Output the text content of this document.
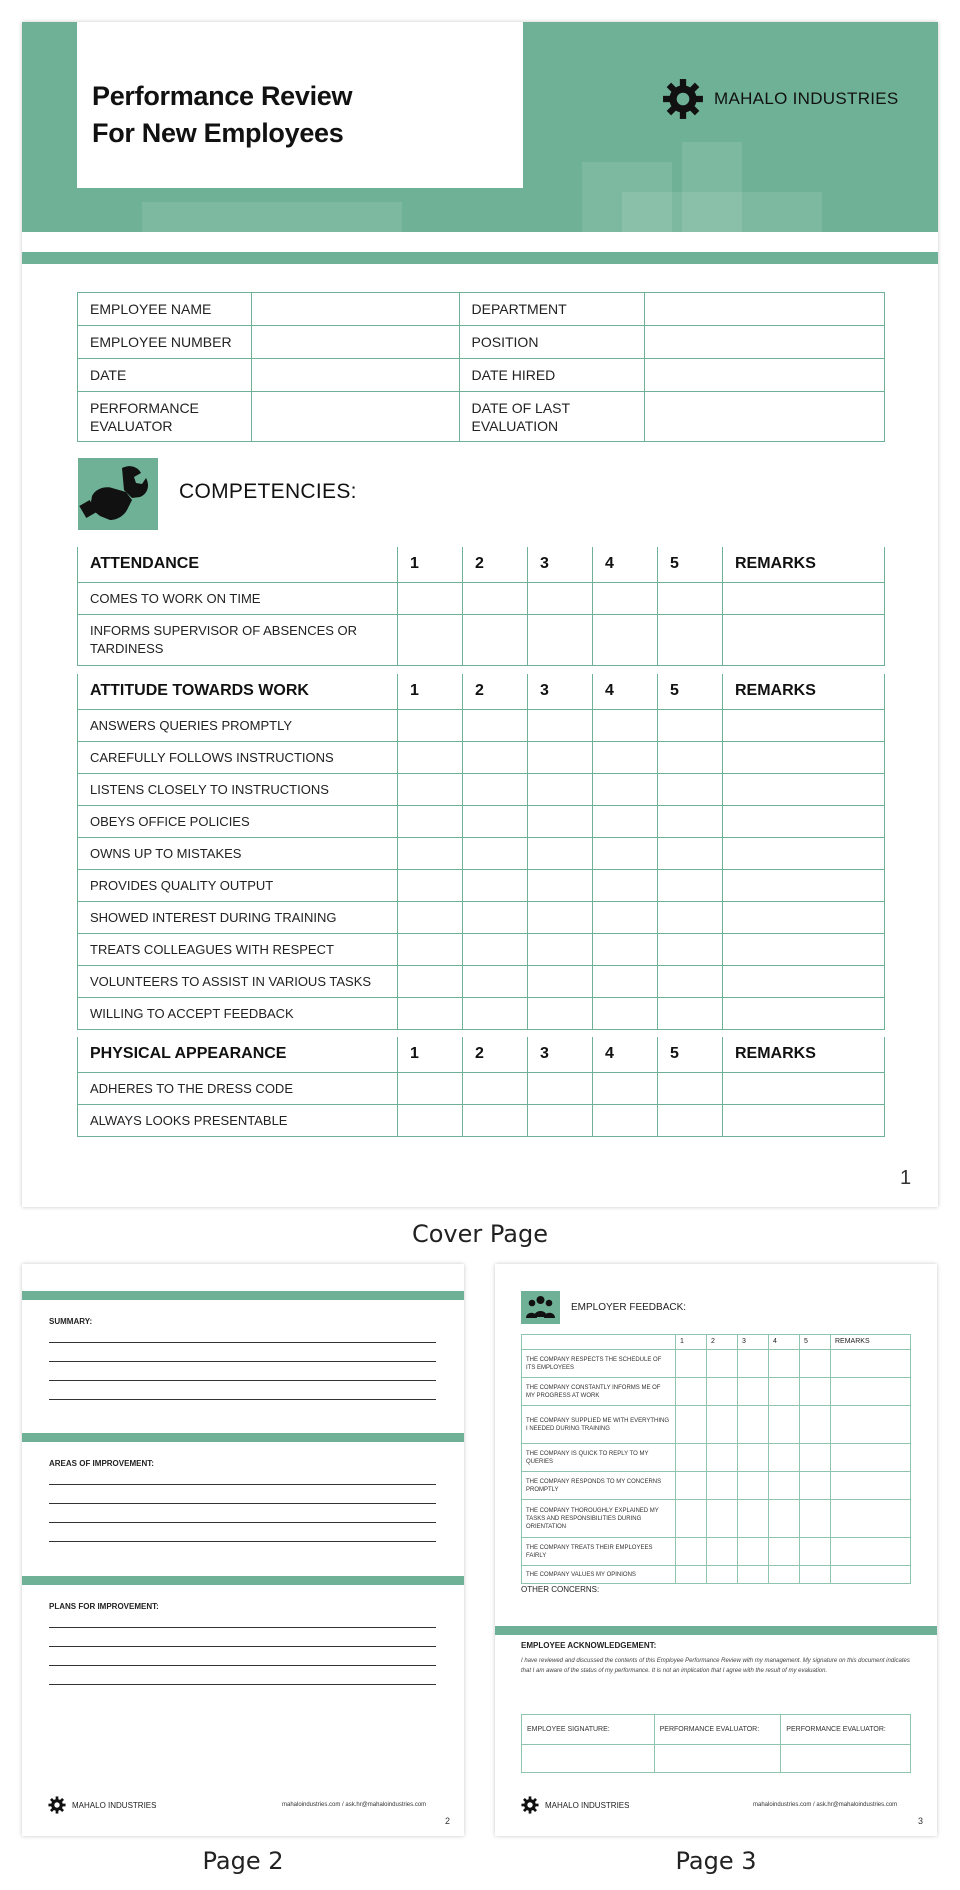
Performance Review
For New Employees
MAHALO INDUSTRIES
EMPLOYEE NAME		DEPARTMENT	
EMPLOYEE NUMBER		POSITION	
DATE		DATE HIRED	
PERFORMANCE EVALUATOR		DATE OF LAST EVALUATION	
COMPETENCIES:
ATTENDANCE	1	2	3	4	5	REMARKS
COMES TO WORK ON TIME						
INFORMS SUPERVISOR OF ABSENCES OR TARDINESS						
ATTITUDE TOWARDS WORK	1	2	3	4	5	REMARKS
ANSWERS QUERIES PROMPTLY						
CAREFULLY FOLLOWS INSTRUCTIONS						
LISTENS CLOSELY TO INSTRUCTIONS						
OBEYS OFFICE POLICIES						
OWNS UP TO MISTAKES						
PROVIDES QUALITY OUTPUT						
SHOWED INTEREST DURING TRAINING						
TREATS COLLEAGUES WITH RESPECT						
VOLUNTEERS TO ASSIST IN VARIOUS TASKS						
WILLING TO ACCEPT FEEDBACK						
PHYSICAL APPEARANCE	1	2	3	4	5	REMARKS
ADHERES TO THE DRESS CODE						
ALWAYS LOOKS PRESENTABLE						
1
Cover Page
SUMMARY:
AREAS OF IMPROVEMENT:
PLANS FOR IMPROVEMENT:
MAHALO INDUSTRIES	mahaloindustries.com / ask.hr@mahaloindustries.com
2
Page 2
EMPLOYER FEEDBACK:
	1	2	3	4	5	REMARKS
THE COMPANY RESPECTS THE SCHEDULE OF ITS EMPLOYEES						
THE COMPANY CONSTANTLY INFORMS ME OF MY PROGRESS AT WORK						
THE COMPANY SUPPLIED ME WITH EVERYTHING I NEEDED DURING TRAINING						
THE COMPANY IS QUICK TO REPLY TO MY QUERIES						
THE COMPANY RESPONDS TO MY CONCERNS PROMPTLY						
THE COMPANY THOROUGHLY EXPLAINED MY TASKS AND RESPONSIBILITIES DURING ORIENTATION						
THE COMPANY TREATS THEIR EMPLOYEES FAIRLY						
THE COMPANY VALUES MY OPINIONS						
OTHER CONCERNS:
EMPLOYEE ACKNOWLEDGEMENT:
I have reviewed and discussed the contents of this Employee Performance Review with my management. My signature on this document indicates that I am aware of the status of my performance. It is not an implication that I agree with the result of my evaluation.
EMPLOYEE SIGNATURE:	PERFORMANCE EVALUATOR:	PERFORMANCE EVALUATOR:

MAHALO INDUSTRIES	mahaloindustries.com / ask.hr@mahaloindustries.com
3
Page 3
